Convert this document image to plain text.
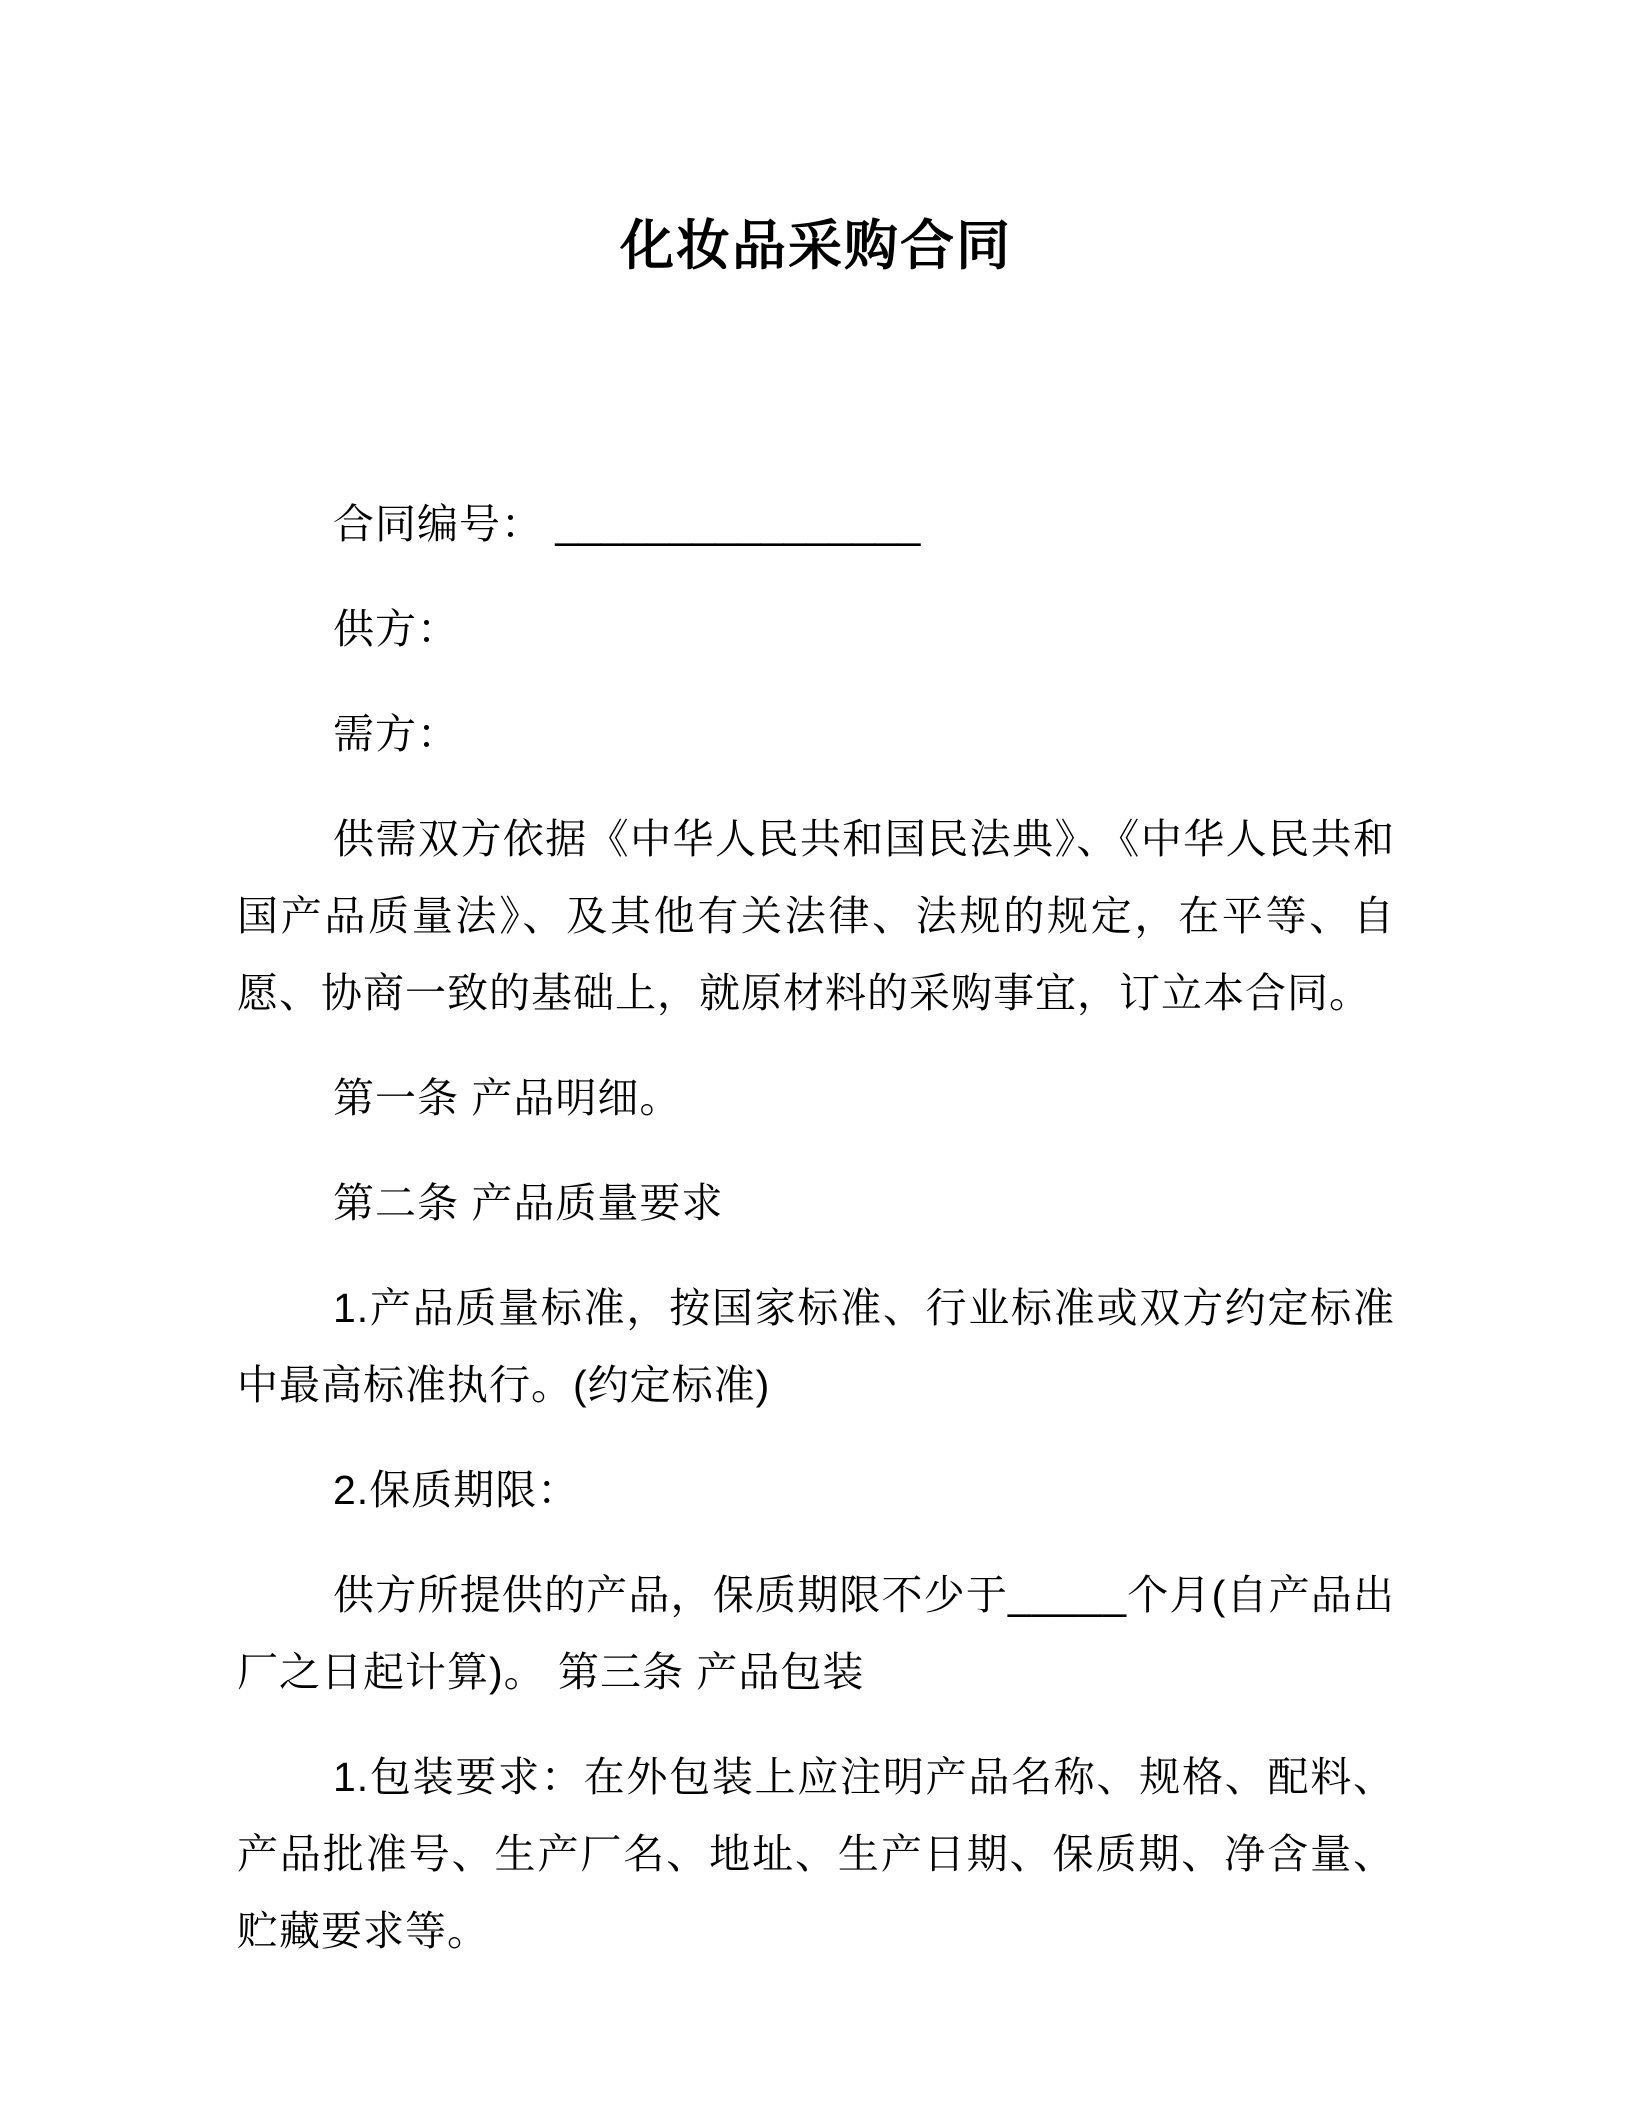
化妆品采购合同

合同编号： ________________

供方：

需方：

供需双方依据《中华人民共和国民法典》、《中华人民共和国产品质量法》、及其他有关法律、法规的规定，在平等、自愿、协商一致的基础上，就原材料的采购事宜，订立本合同。

第一条 产品明细。

第二条 产品质量要求

1.产品质量标准，按国家标准、行业标准或双方约定标准中最高标准执行。(约定标准)

2.保质期限：

供方所提供的产品，保质期限不少于_____个月(自产品出厂之日起计算)。 第三条 产品包装

1.包装要求：在外包装上应注明产品名称、规格、配料、产品批准号、生产厂名、地址、生产日期、保质期、净含量、贮藏要求等。
